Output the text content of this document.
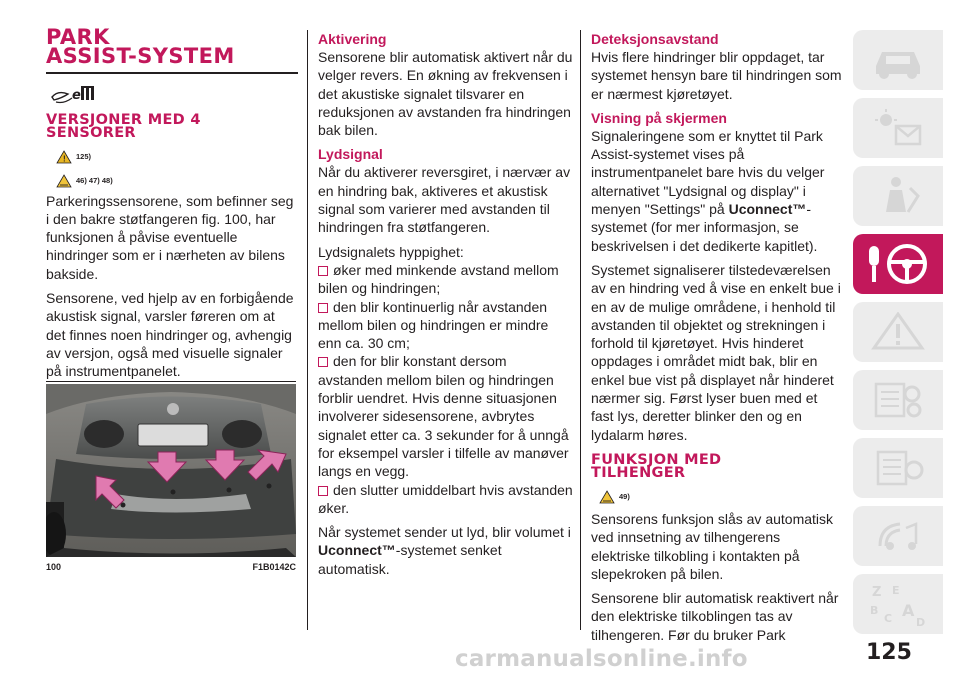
PARK
ASSIST-SYSTEM
e
VERSJONER MED 4
SENSORER
! 125)
46) 47) 48)

Parkeringssensorene, som befinner seg i den bakre støtfangeren fig. 100, har funksjonen å påvise eventuelle hindringer som er i nærheten av bilens bakside.

Sensorene, ved hjelp av en forbigående akustisk signal, varsler føreren om at det finnes noen hindringer og, avhengig av versjon, også med visuelle signaler på instrumentpanelet.

100	F1B0142C
Aktivering

Sensorene blir automatisk aktivert når du velger revers. En økning av frekvensen i det akustiske signalet tilsvarer en reduksjonen av avstanden fra hindringen bak bilen.

Lydsignal

Når du aktiverer reversgiret, i nærvær av en hindring bak, aktiveres et akustisk signal som varierer med avstanden til hindringen fra støtfangeren.

Lydsignalets hyppighet:

øker med minkende avstand mellom bilen og hindringen;
den blir kontinuerlig når avstanden mellom bilen og hindringen er mindre enn ca. 30 cm;
den for blir konstant dersom avstanden mellom bilen og hindringen forblir uendret. Hvis denne situasjonen involverer sidesensorene, avbrytes signalet etter ca. 3 sekunder for å unngå for eksempel varsler i tilfelle av manøver langs en vegg.
den slutter umiddelbart hvis avstanden øker.

Når systemet sender ut lyd, blir volumet i Uconnect™-systemet senket automatisk.

Deteksjonsavstand

Hvis flere hindringer blir oppdaget, tar systemet hensyn bare til hindringen som er nærmest kjøretøyet.

Visning på skjermen

Signaleringene som er knyttet til Park Assist-systemet vises på instrumentpanelet bare hvis du velger alternativet "Lydsignal og display" i menyen "Settings" på Uconnect™-systemet (for mer informasjon, se beskrivelsen i det dedikerte kapitlet).

Systemet signaliserer tilstedeværelsen av en hindring ved å vise en enkelt bue i en av de mulige områdene, i henhold til avstanden til objektet og strekningen i forhold til kjøretøyet. Hvis hinderet oppdages i området midt bak, blir en enkel bue vist på displayet når hinderet nærmer sig. Først lyser buen med et fast lys, deretter blinker den og en lydalarm høres.

FUNKSJON MED
TILHENGER
49)

Sensorens funksjon slås av automatisk ved innsetning av tilhengerens elektriske tilkobling i kontakten på slepekroken på bilen.

Sensorene blir automatisk reaktivert når den elektriske tilkoblingen tas av tilhengeren. Før du bruker Park

Z E
B
C A
D
carmanualsonline.info	125
